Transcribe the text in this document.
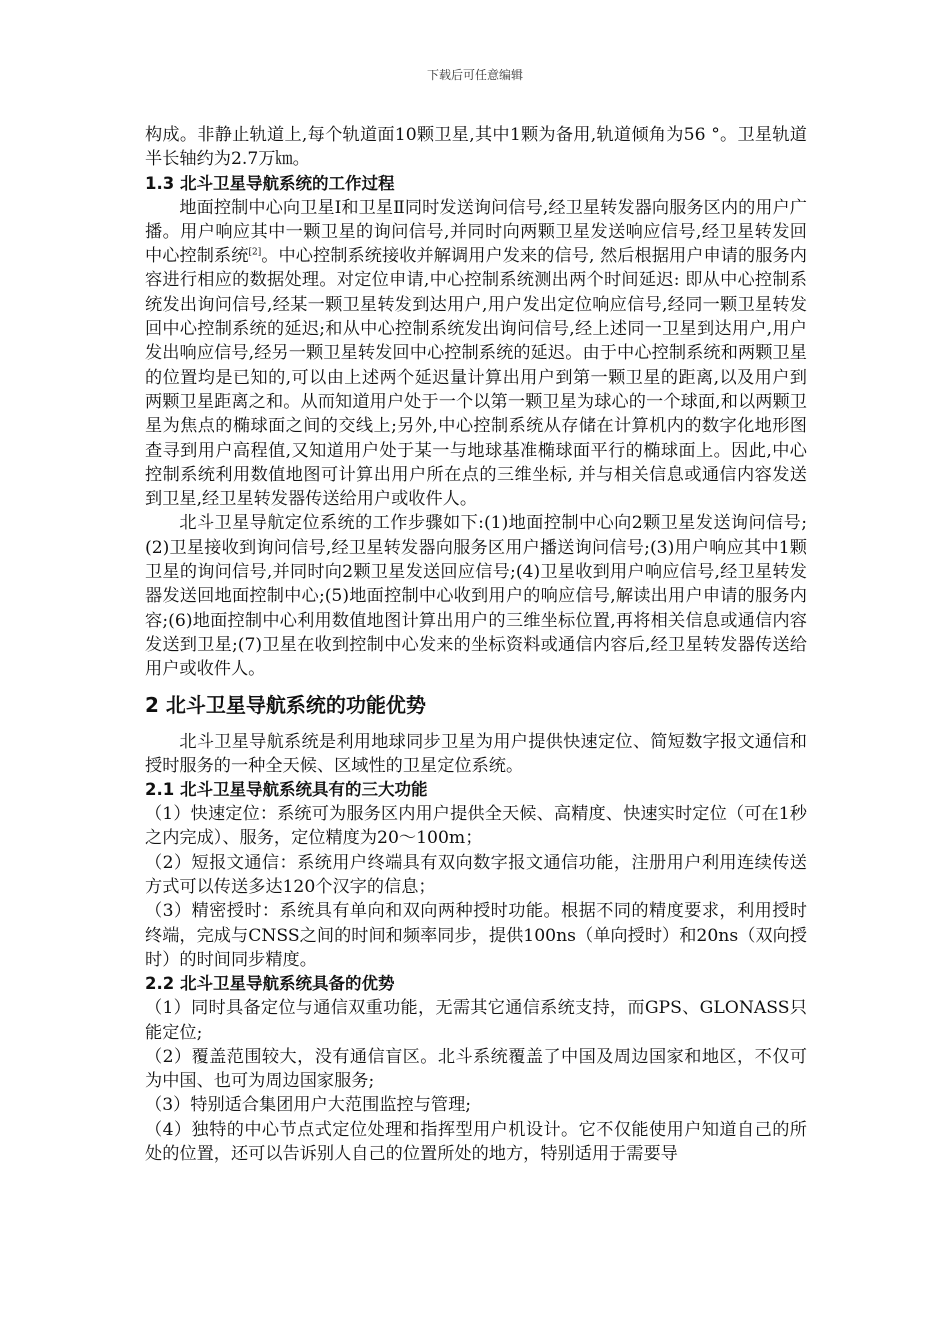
下载后可任意编辑

构成。非静止轨道上,每个轨道面10颗卫星,其中1颗为备用,轨道倾角为56 °。卫星轨道半长轴约为2.7万㎞。

1.3 北斗卫星导航系统的工作过程

地面控制中心向卫星Ⅰ和卫星Ⅱ同时发送询问信号,经卫星转发器向服务区内的用户广播。用户响应其中一颗卫星的询问信号,并同时向两颗卫星发送响应信号,经卫星转发回中心控制系统[2]。中心控制系统接收并解调用户发来的信号, 然后根据用户申请的服务内容进行相应的数据处理。对定位申请,中心控制系统测出两个时间延迟: 即从中心控制系统发出询问信号,经某一颗卫星转发到达用户,用户发出定位响应信号,经同一颗卫星转发回中心控制系统的延迟;和从中心控制系统发出询问信号,经上述同一卫星到达用户,用户发出响应信号,经另一颗卫星转发回中心控制系统的延迟。由于中心控制系统和两颗卫星的位置均是已知的,可以由上述两个延迟量计算出用户到第一颗卫星的距离,以及用户到两颗卫星距离之和。从而知道用户处于一个以第一颗卫星为球心的一个球面,和以两颗卫星为焦点的椭球面之间的交线上;另外,中心控制系统从存储在计算机内的数字化地形图查寻到用户高程值,又知道用户处于某一与地球基准椭球面平行的椭球面上。因此,中心控制系统利用数值地图可计算出用户所在点的三维坐标, 并与相关信息或通信内容发送到卫星,经卫星转发器传送给用户或收件人。

北斗卫星导航定位系统的工作步骤如下:(1)地面控制中心向2颗卫星发送询问信号;(2)卫星接收到询问信号,经卫星转发器向服务区用户播送询问信号;(3)用户响应其中1颗卫星的询问信号,并同时向2颗卫星发送回应信号;(4)卫星收到用户响应信号,经卫星转发器发送回地面控制中心;(5)地面控制中心收到用户的响应信号,解读出用户申请的服务内容;(6)地面控制中心利用数值地图计算出用户的三维坐标位置,再将相关信息或通信内容发送到卫星;(7)卫星在收到控制中心发来的坐标资料或通信内容后,经卫星转发器传送给用户或收件人。

2 北斗卫星导航系统的功能优势

北斗卫星导航系统是利用地球同步卫星为用户提供快速定位、简短数字报文通信和授时服务的一种全天候、区域性的卫星定位系统。

2.1 北斗卫星导航系统具有的三大功能

（1）快速定位：系统可为服务区内用户提供全天候、高精度、快速实时定位（可在1秒之内完成）、服务，定位精度为20～100m；

（2）短报文通信：系统用户终端具有双向数字报文通信功能，注册用户利用连续传送方式可以传送多达120个汉字的信息；

（3）精密授时：系统具有单向和双向两种授时功能。根据不同的精度要求，利用授时终端，完成与CNSS之间的时间和频率同步，提供100ns（单向授时）和20ns（双向授时）的时间同步精度。

2.2 北斗卫星导航系统具备的优势

（1）同时具备定位与通信双重功能，无需其它通信系统支持，而GPS、GLONASS只能定位;

（2）覆盖范围较大，没有通信盲区。北斗系统覆盖了中国及周边国家和地区，不仅可为中国、也可为周边国家服务;

（3）特别适合集团用户大范围监控与管理;

（4）独特的中心节点式定位处理和指挥型用户机设计。它不仅能使用户知道自己的所处的位置，还可以告诉别人自己的位置所处的地方，特别适用于需要导
